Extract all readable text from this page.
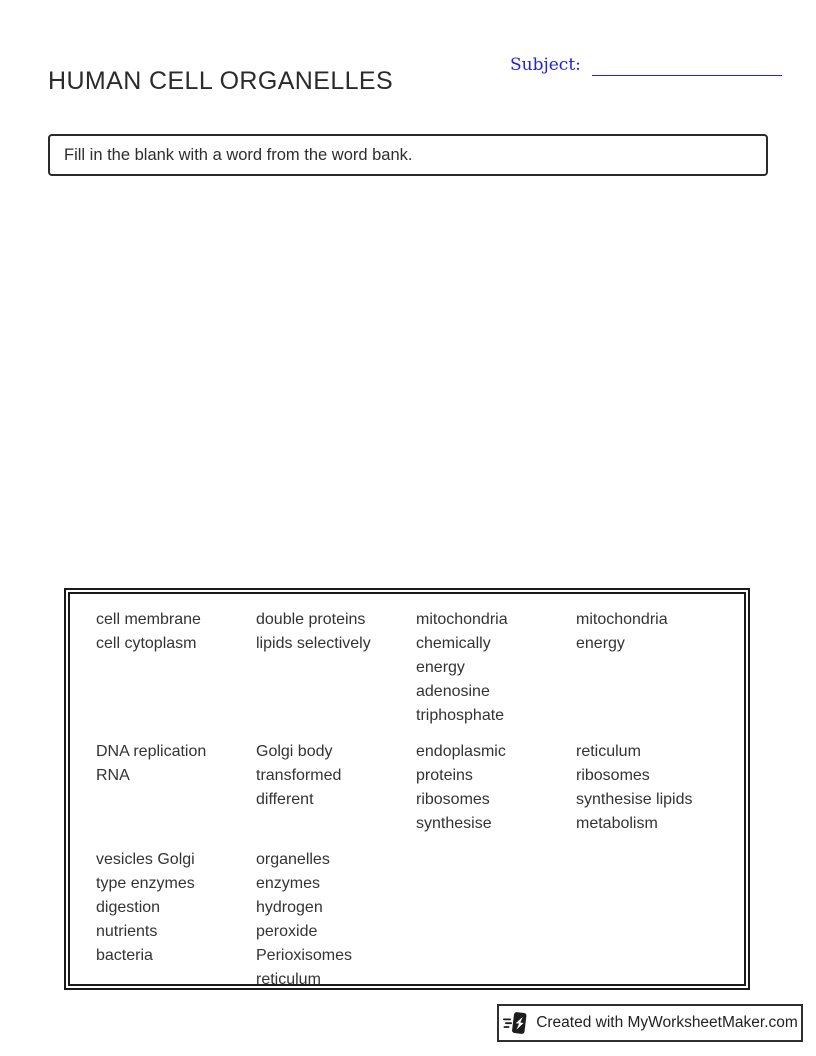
HUMAN CELL ORGANELLES
Subject:
Fill in the blank with a word from the word bank.
cell membrane
cell cytoplasm
double proteins
lipids selectively
mitochondria
chemically
energy
adenosine
triphosphate
mitochondria
energy
DNA replication
RNA
Golgi body
transformed
different
endoplasmic
proteins
ribosomes
synthesise
reticulum
ribosomes
synthesise lipids
metabolism
vesicles Golgi
type enzymes
digestion
nutrients
bacteria
organelles
enzymes
hydrogen
peroxide
Perioxisomes
reticulum
Created with MyWorksheetMaker.com
